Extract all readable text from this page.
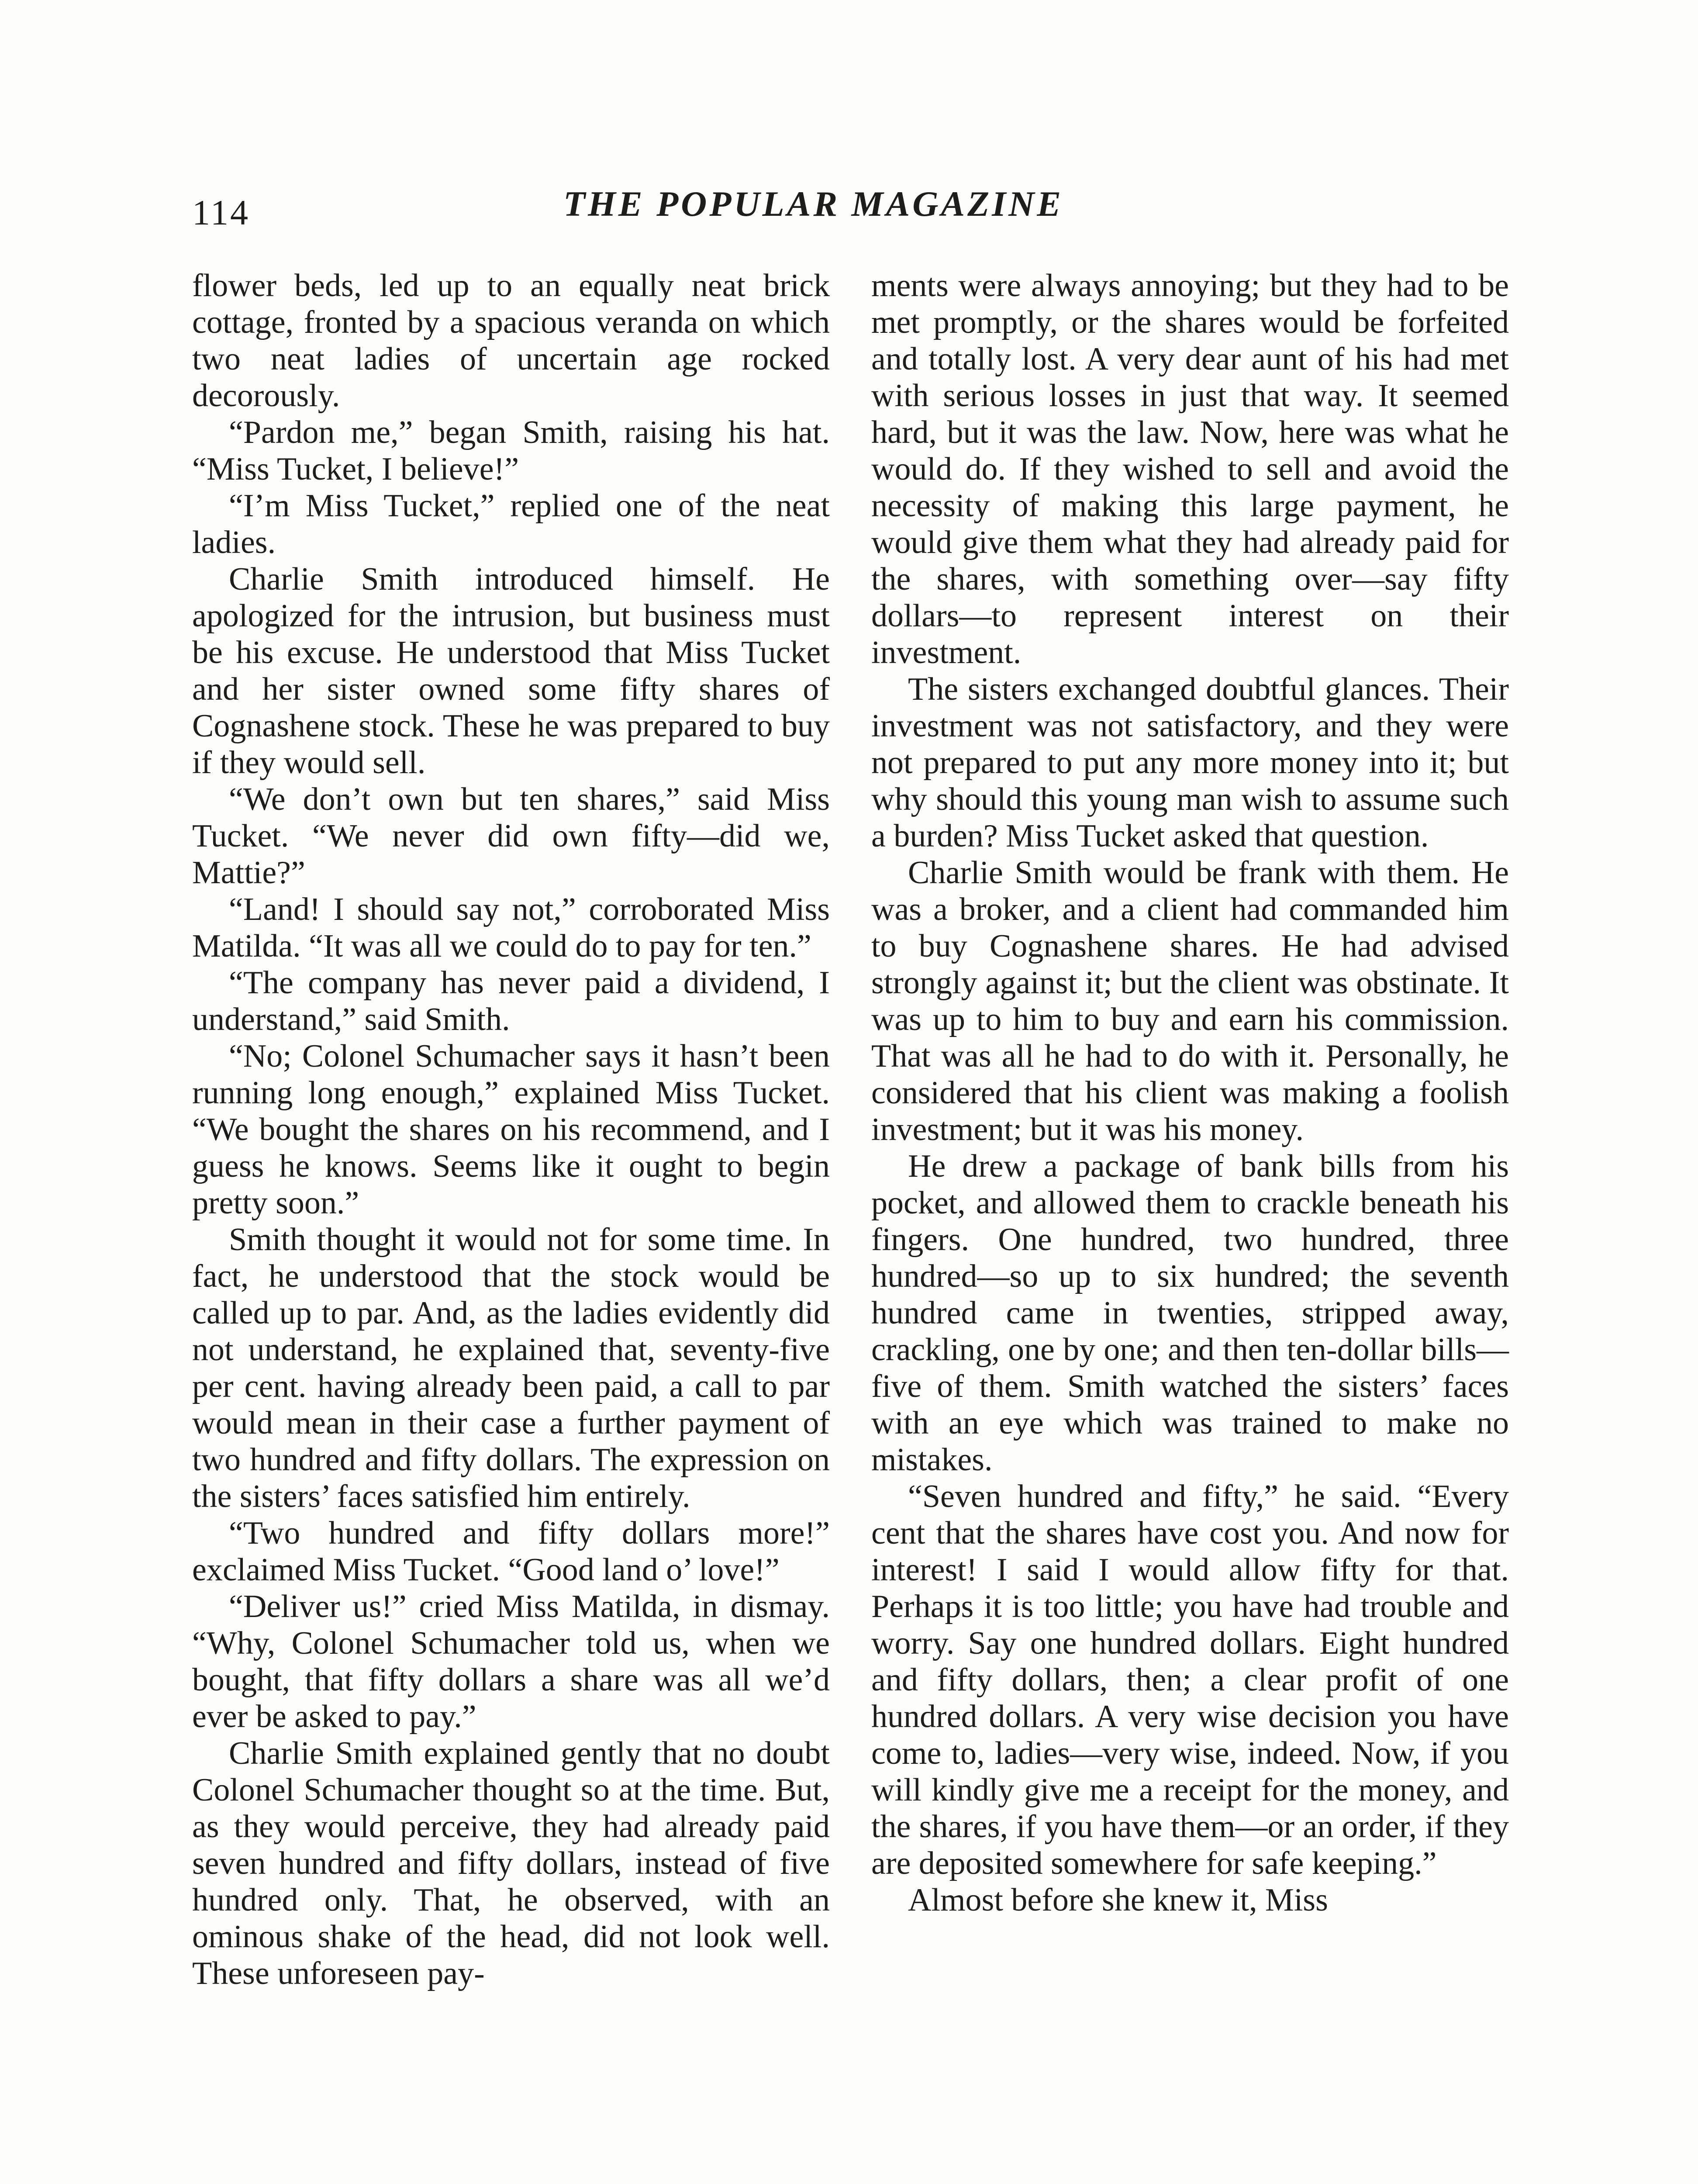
114	THE POPULAR MAGAZINE

flower beds, led up to an equally neat brick cottage, fronted by a spacious veranda on which two neat ladies of uncertain age rocked decorously.

“Pardon me,” began Smith, raising his hat. “Miss Tucket, I believe!”

“I’m Miss Tucket,” replied one of the neat ladies.

Charlie Smith introduced himself. He apologized for the intrusion, but business must be his excuse. He understood that Miss Tucket and her sister owned some fifty shares of Cognashene stock. These he was prepared to buy if they would sell.

“We don’t own but ten shares,” said Miss Tucket. “We never did own fifty—did we, Mattie?”

“Land! I should say not,” corroborated Miss Matilda. “It was all we could do to pay for ten.”

“The company has never paid a dividend, I understand,” said Smith.

“No; Colonel Schumacher says it hasn’t been running long enough,” explained Miss Tucket. “We bought the shares on his recommend, and I guess he knows. Seems like it ought to begin pretty soon.”

Smith thought it would not for some time. In fact, he understood that the stock would be called up to par. And, as the ladies evidently did not understand, he explained that, seventy-five per cent. having already been paid, a call to par would mean in their case a further payment of two hundred and fifty dollars. The expression on the sisters’ faces satisfied him entirely.

“Two hundred and fifty dollars more!” exclaimed Miss Tucket. “Good land o’ love!”

“Deliver us!” cried Miss Matilda, in dismay. “Why, Colonel Schumacher told us, when we bought, that fifty dollars a share was all we’d ever be asked to pay.”

Charlie Smith explained gently that no doubt Colonel Schumacher thought so at the time. But, as they would perceive, they had already paid seven hundred and fifty dollars, instead of five hundred only. That, he observed, with an ominous shake of the head, did not look well. These unforeseen pay-

ments were always annoying; but they had to be met promptly, or the shares would be forfeited and totally lost. A very dear aunt of his had met with serious losses in just that way. It seemed hard, but it was the law. Now, here was what he would do. If they wished to sell and avoid the necessity of making this large payment, he would give them what they had already paid for the shares, with something over—say fifty dollars—to represent interest on their investment.

The sisters exchanged doubtful glances. Their investment was not satisfactory, and they were not prepared to put any more money into it; but why should this young man wish to assume such a burden? Miss Tucket asked that question.

Charlie Smith would be frank with them. He was a broker, and a client had commanded him to buy Cognashene shares. He had advised strongly against it; but the client was obstinate. It was up to him to buy and earn his commission. That was all he had to do with it. Personally, he considered that his client was making a foolish investment; but it was his money.

He drew a package of bank bills from his pocket, and allowed them to crackle beneath his fingers. One hundred, two hundred, three hundred—so up to six hundred; the seventh hundred came in twenties, stripped away, crackling, one by one; and then ten-dollar bills—five of them. Smith watched the sisters’ faces with an eye which was trained to make no mistakes.

“Seven hundred and fifty,” he said. “Every cent that the shares have cost you. And now for interest! I said I would allow fifty for that. Perhaps it is too little; you have had trouble and worry. Say one hundred dollars. Eight hundred and fifty dollars, then; a clear profit of one hundred dollars. A very wise decision you have come to, ladies—very wise, indeed. Now, if you will kindly give me a receipt for the money, and the shares, if you have them—or an order, if they are deposited somewhere for safe keeping.”

Almost before she knew it, Miss
